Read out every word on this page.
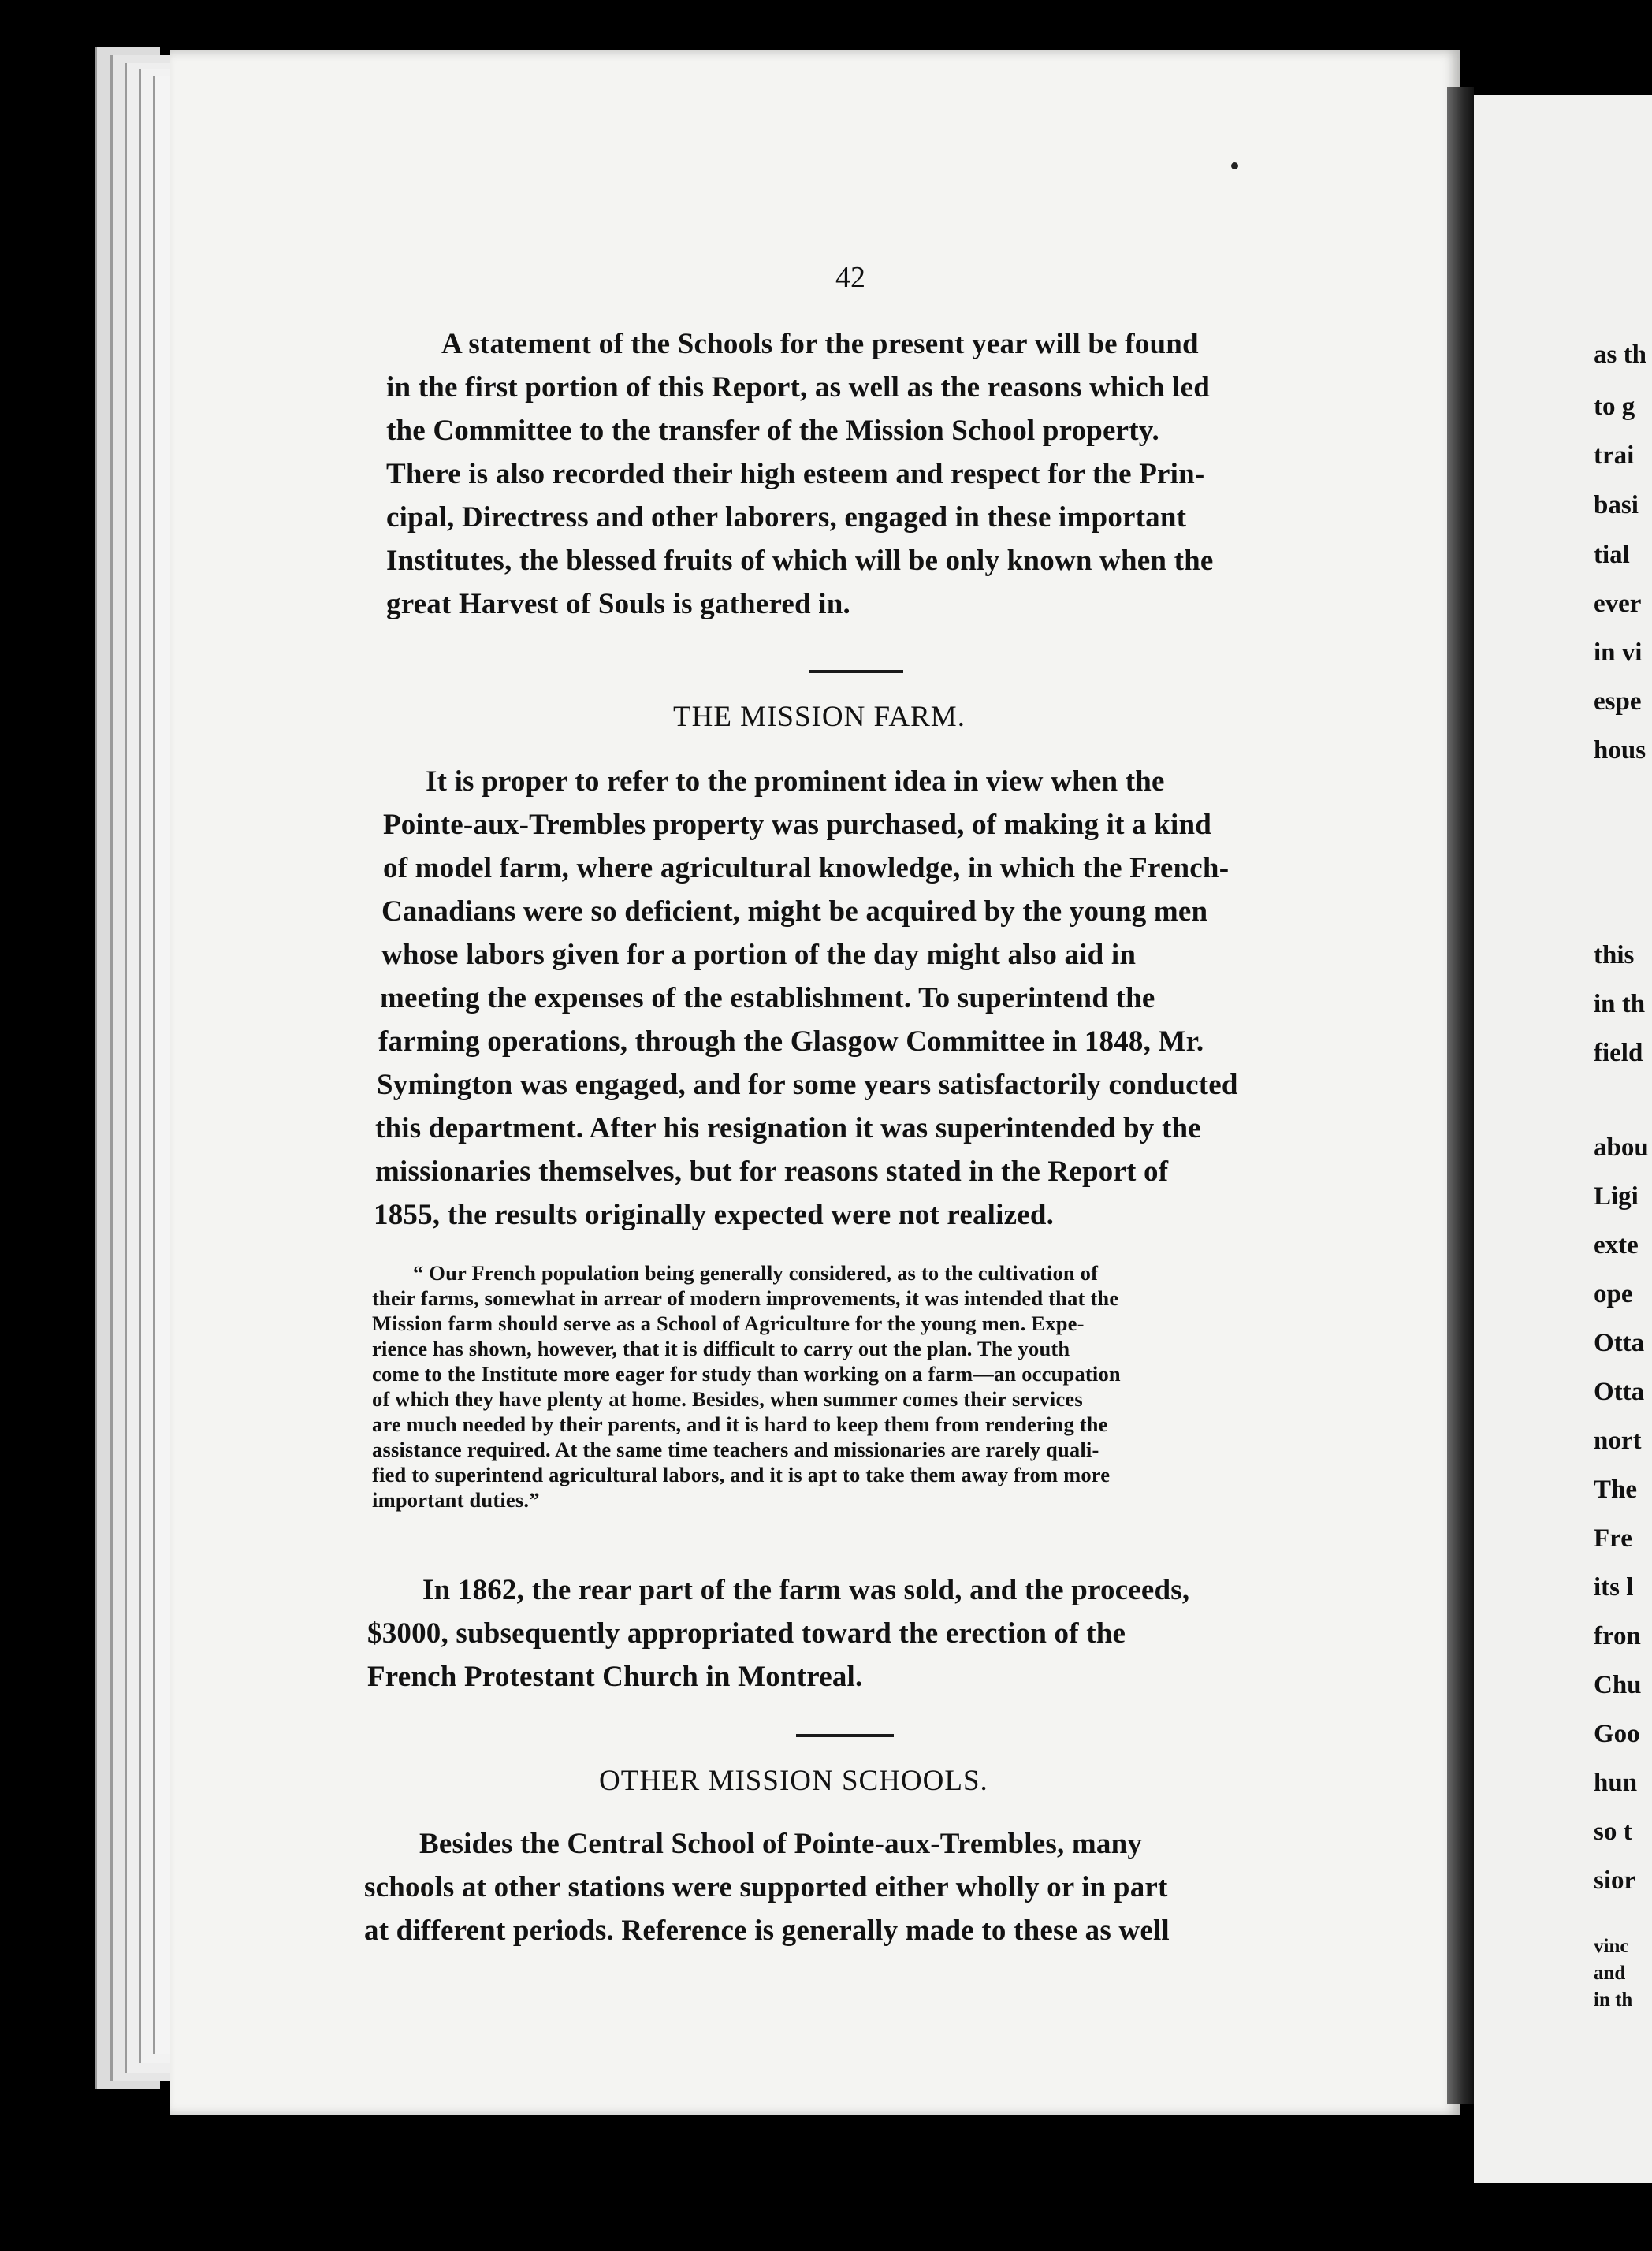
42
A statement of the Schools for the present year will be found
in the first portion of this Report, as well as the reasons which led
the Committee to the transfer of the Mission School property.
There is also recorded their high esteem and respect for the Prin-
cipal, Directress and other laborers, engaged in these important
Institutes, the blessed fruits of which will be only known when the
great Harvest of Souls is gathered in.
THE MISSION FARM.
It is proper to refer to the prominent idea in view when the
Pointe-aux-Trembles property was purchased, of making it a kind
of model farm, where agricultural knowledge, in which the French-
Canadians were so deficient, might be acquired by the young men
whose labors given for a portion of the day might also aid in
meeting the expenses of the establishment. To superintend the
farming operations, through the Glasgow Committee in 1848, Mr.
Symington was engaged, and for some years satisfactorily conducted
this department. After his resignation it was superintended by the
missionaries themselves, but for reasons stated in the Report of
1855, the results originally expected were not realized.
“ Our French population being generally considered, as to the cultivation of
their farms, somewhat in arrear of modern improvements, it was intended that the
Mission farm should serve as a School of Agriculture for the young men. Expe-
rience has shown, however, that it is difficult to carry out the plan. The youth
come to the Institute more eager for study than working on a farm—an occupation
of which they have plenty at home. Besides, when summer comes their services
are much needed by their parents, and it is hard to keep them from rendering the
assistance required. At the same time teachers and missionaries are rarely quali-
fied to superintend agricultural labors, and it is apt to take them away from more
important duties.”
In 1862, the rear part of the farm was sold, and the proceeds,
$3000, subsequently appropriated toward the erection of the
French Protestant Church in Montreal.
OTHER MISSION SCHOOLS.
Besides the Central School of Pointe-aux-Trembles, many
schools at other stations were supported either wholly or in part
at different periods. Reference is generally made to these as well
as th
to g
trai
basi
tial
ever
in vi
espe
hous
this
in th
field
abou
Ligi
exte
ope
Otta
Otta
nort
The
Fre
its l
fron
Chu
Goo
hun
so t
sior
vinc
and
in th
